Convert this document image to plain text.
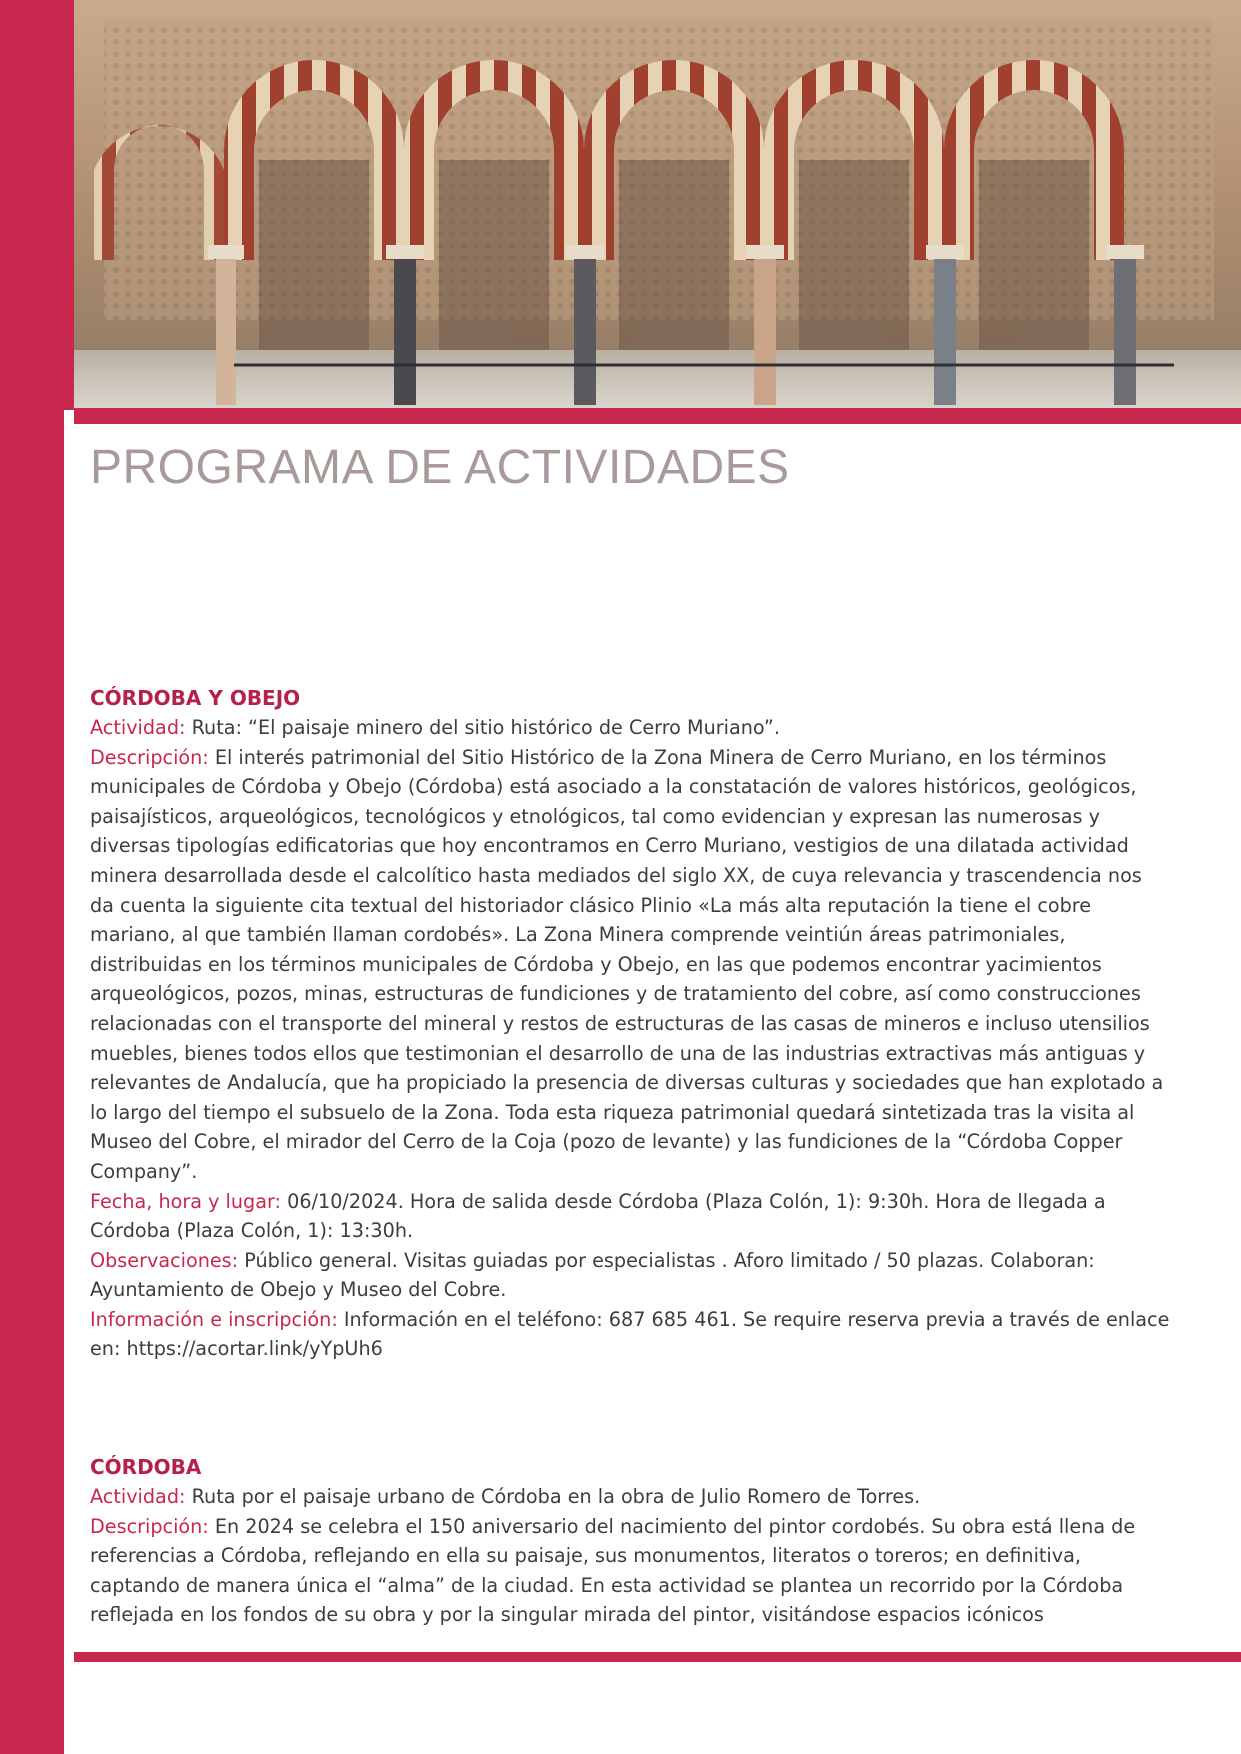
PROGRAMA DE ACTIVIDADES
CÓRDOBA Y OBEJO

Actividad: Ruta: “El paisaje minero del sitio histórico de Cerro Muriano”.

Descripción: El interés patrimonial del Sitio Histórico de la Zona Minera de Cerro Muriano, en los términos municipales de Córdoba y Obejo (Córdoba) está asociado a la constatación de valores históricos, geológicos, paisajísticos, arqueológicos, tecnológicos y etnológicos, tal como evidencian y expresan las numerosas y diversas tipologías edificatorias que hoy encontramos en Cerro Muriano, vestigios de una dilatada actividad minera desarrollada desde el calcolítico hasta mediados del siglo XX, de cuya relevancia y trascendencia nos da cuenta la siguiente cita textual del historiador clásico Plinio «La más alta reputación la tiene el cobre mariano, al que también llaman cordobés». La Zona Minera comprende veintiún áreas patrimoniales, distribuidas en los términos municipales de Córdoba y Obejo, en las que podemos encontrar yacimientos arqueológicos, pozos, minas, estructuras de fundiciones y de tratamiento del cobre, así como construcciones relacionadas con el transporte del mineral y restos de estructuras de las casas de mineros e incluso utensilios muebles, bienes todos ellos que testimonian el desarrollo de una de las industrias extractivas más antiguas y relevantes de Andalucía, que ha propiciado la presencia de diversas culturas y sociedades que han explotado a lo largo del tiempo el subsuelo de la Zona. Toda esta riqueza patrimonial quedará sintetizada tras la visita al Museo del Cobre, el mirador del Cerro de la Coja (pozo de levante) y las fundiciones de la “Córdoba Copper Company”.

Fecha, hora y lugar: 06/10/2024. Hora de salida desde Córdoba (Plaza Colón, 1): 9:30h. Hora de llegada a Córdoba (Plaza Colón, 1): 13:30h.

Observaciones: Público general. Visitas guiadas por especialistas . Aforo limitado / 50 plazas. Colaboran: Ayuntamiento de Obejo y Museo del Cobre.

Información e inscripción: Información en el teléfono: 687 685 461. Se require reserva previa a través de enlace en: https://acortar.link/yYpUh6

CÓRDOBA

Actividad: Ruta por el paisaje urbano de Córdoba en la obra de Julio Romero de Torres.

Descripción: En 2024 se celebra el 150 aniversario del nacimiento del pintor cordobés. Su obra está llena de referencias a Córdoba, reflejando en ella su paisaje, sus monumentos, literatos o toreros; en definitiva, captando de manera única el “alma” de la ciudad. En esta actividad se plantea un recorrido por la Córdoba reflejada en los fondos de su obra y por la singular mirada del pintor, visitándose espacios icónicos
